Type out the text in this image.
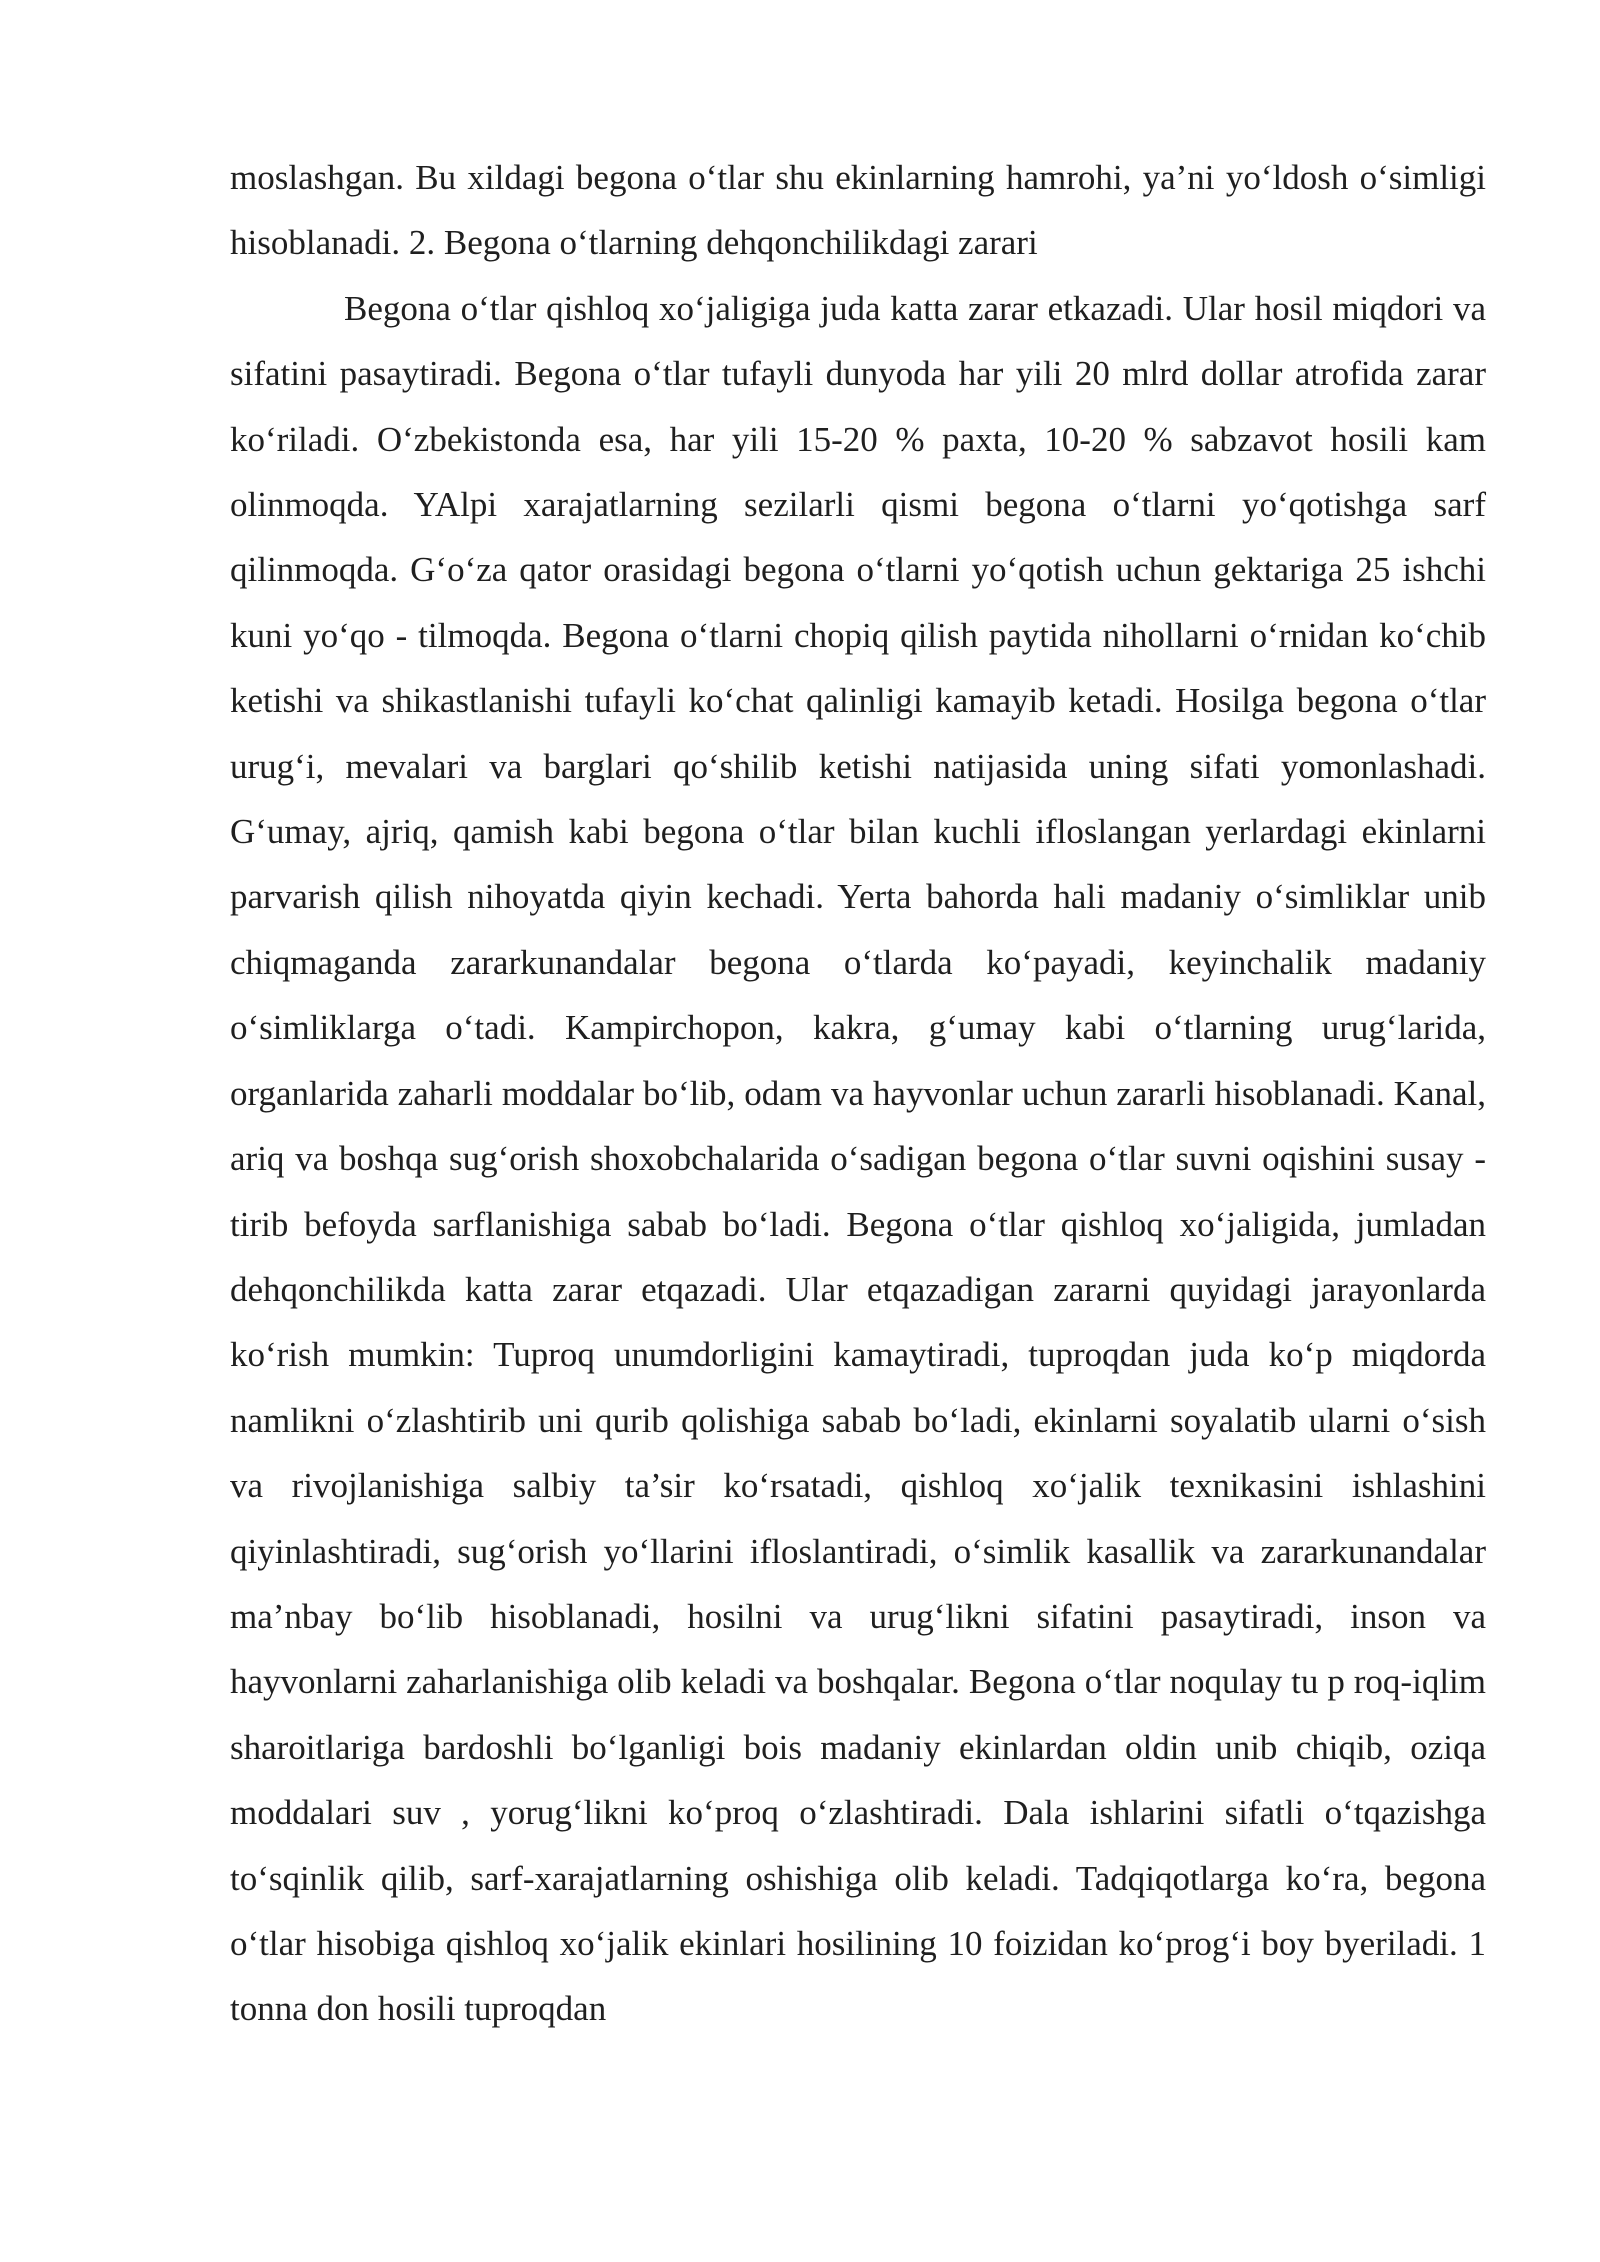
moslashgan. Bu xildagi begona o‘tlar shu ekinlarning hamrohi, ya’ni yo‘ldosh o‘simligi hisoblanadi. 2. Begona o‘tlarning dehqonchilikdagi zarari

Begona o‘tlar qishloq xo‘jaligiga juda katta zarar etkazadi. Ular hosil miqdori va sifatini pasaytiradi. Begona o‘tlar tufayli dunyoda har yili 20 mlrd dollar atrofida zarar ko‘riladi. O‘zbekistonda esa, har yili 15-20 % paxta, 10-20 % sabzavot hosili kam olinmoqda. YAlpi xarajatlarning sezilarli qismi begona o‘tlarni yo‘qotishga sarf qilinmoqda. G‘o‘za qator orasidagi begona o‘tlarni yo‘qotish uchun gektariga 25 ishchi kuni yo‘qo - tilmoqda. Begona o‘tlarni chopiq qilish paytida nihollarni o‘rnidan ko‘chib ketishi va shikastlanishi tufayli ko‘chat qalinligi kamayib ketadi. Hosilga begona o‘tlar urug‘i, mevalari va barglari qo‘shilib ketishi natijasida uning sifati yomonlashadi. G‘umay, ajriq, qamish kabi begona o‘tlar bilan kuchli ifloslangan yerlardagi ekinlarni parvarish qilish nihoyatda qiyin kechadi. Yerta bahorda hali madaniy o‘simliklar unib chiqmaganda zararkunandalar begona o‘tlarda ko‘payadi, keyinchalik madaniy o‘simliklarga o‘tadi. Kampirchopon, kakra, g‘umay kabi o‘tlarning urug‘larida, organlarida zaharli moddalar bo‘lib, odam va hayvonlar uchun zararli hisoblanadi. Kanal, ariq va boshqa sug‘orish shoxobchalarida o‘sadigan begona o‘tlar suvni oqishini susay - tirib befoyda sarflanishiga sabab bo‘ladi. Begona o‘tlar qishloq xo‘jaligida, jumladan dehqonchilikda katta zarar etqazadi. Ular etqazadigan zararni quyidagi jarayonlarda ko‘rish mumkin: Tuproq unumdorligini kamaytiradi, tuproqdan juda ko‘p miqdorda namlikni o‘zlashtirib uni qurib qolishiga sabab bo‘ladi, ekinlarni soyalatib ularni o‘sish va rivojlanishiga salbiy ta’sir ko‘rsatadi, qishloq xo‘jalik texnikasini ishlashini qiyinlashtiradi, sug‘orish yo‘llarini ifloslantiradi, o‘simlik kasallik va zararkunandalar ma’nbay bo‘lib hisoblanadi, hosilni va urug‘likni sifatini pasaytiradi, inson va hayvonlarni zaharlanishiga olib keladi va boshqalar. Begona o‘tlar noqulay tu p roq-iqlim sharoitlariga bardoshli bo‘lganligi bois madaniy ekinlardan oldin unib chiqib, oziqa moddalari suv , yorug‘likni ko‘proq o‘zlashtiradi. Dala ishlarini sifatli o‘tqazishga to‘sqinlik qilib, sarf-xarajatlarning oshishiga olib keladi. Tadqiqotlarga ko‘ra, begona o‘tlar hisobiga qishloq xo‘jalik ekinlari hosilining 10 foizidan ko‘prog‘i boy byeriladi. 1 tonna don hosili tuproqdan
